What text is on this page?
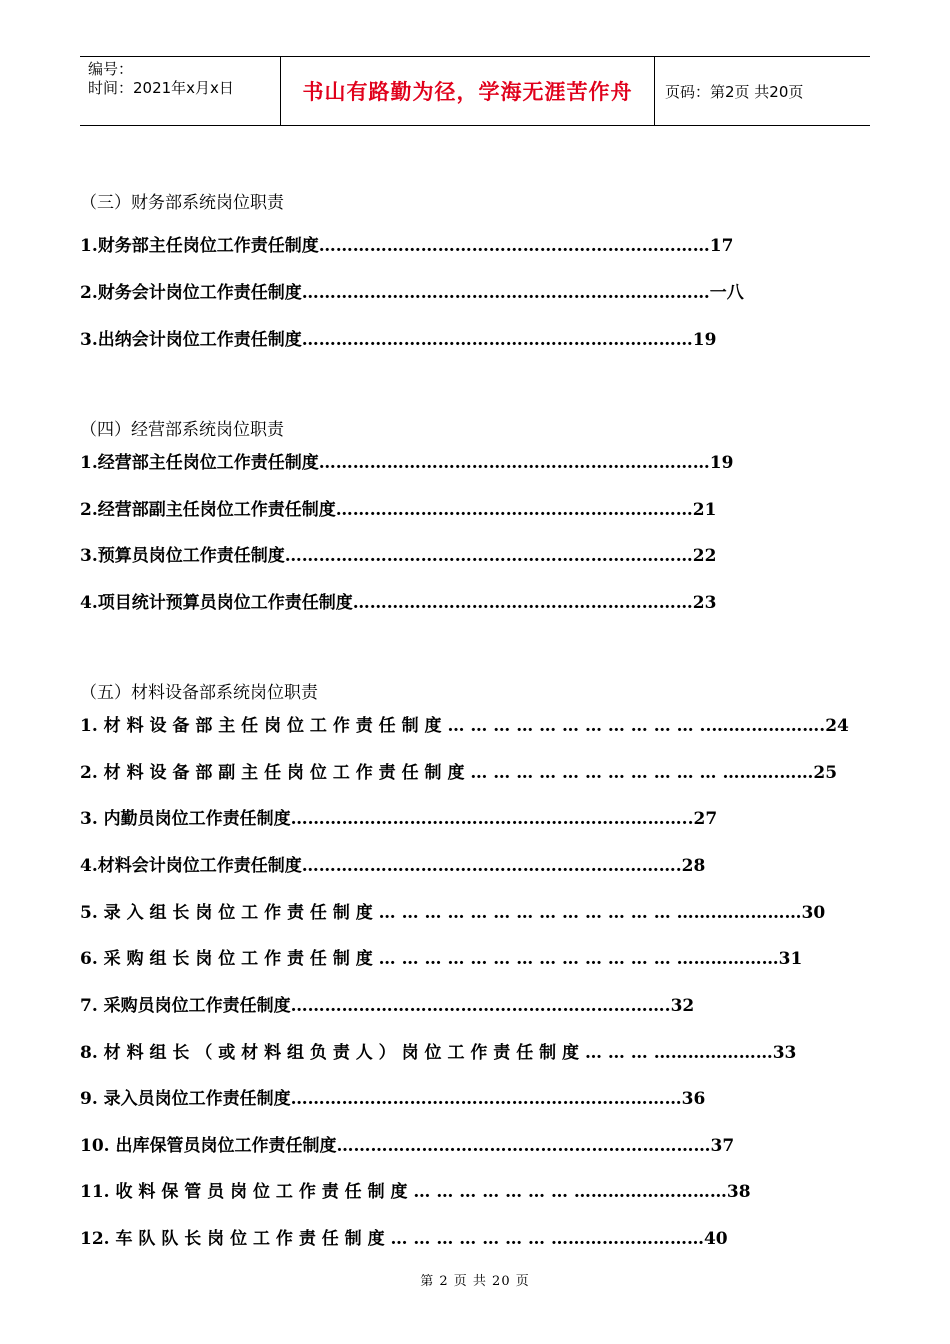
编号：
时间：2021年x月x日	书山有路勤为径，学海无涯苦作舟 页码：第2页 共20页
（三）财务部系统岗位职责
1.财务部主任岗位工作责任制度……………………………………………………………17
2.财务会计岗位工作责任制度………………………………………………………………一八
3.出纳会计岗位工作责任制度……………………………………………………………19
（四）经营部系统岗位职责
1.经营部主任岗位工作责任制度……………………………………………………………19
2.经营部副主任岗位工作责任制度………………………………………………………21
3.预算员岗位工作责任制度………………………………………………………………22
4.项目统计预算员岗位工作责任制度……………………………………………………23
（五）材料设备部系统岗位职责
1. 材 料 设 备 部 主 任 岗 位 工 作 责 任 制 度 … … … … … … … … … … … ..…….………….24
2. 材 料 设 备 部 副 主 任 岗 位 工 作 责 任 制 度 … … … … … … … … … … … ……….……25
3. 内勤员岗位工作责任制度……………………………………………………………..27
4.材料会计岗位工作责任制度………………………………………………………….28
5. 录 入 组 长 岗 位 工 作 责 任 制 度 … … … … … … … … … … … … … …….……………30
6. 采 购 组 长 岗 位 工 作 责 任 制 度 … … … … … … … … … … … … … ………………31
7. 采购员岗位工作责任制度………………………………………………………….32
8. 材 料 组 长 （ 或 材 料 组 负 责 人 ） 岗 位 工 作 责 任 制 度 … … … …………………33
9. 录入员岗位工作责任制度……………………………………………………………36
10. 出库保管员岗位工作责任制度…………………………………………………………37
11. 收 料 保 管 员 岗 位 工 作 责 任 制 度 … … … … … … … ………………………38
12. 车 队 队 长 岗 位 工 作 责 任 制 度 … … … … … … … ………………………40
第 2 页 共 20 页
